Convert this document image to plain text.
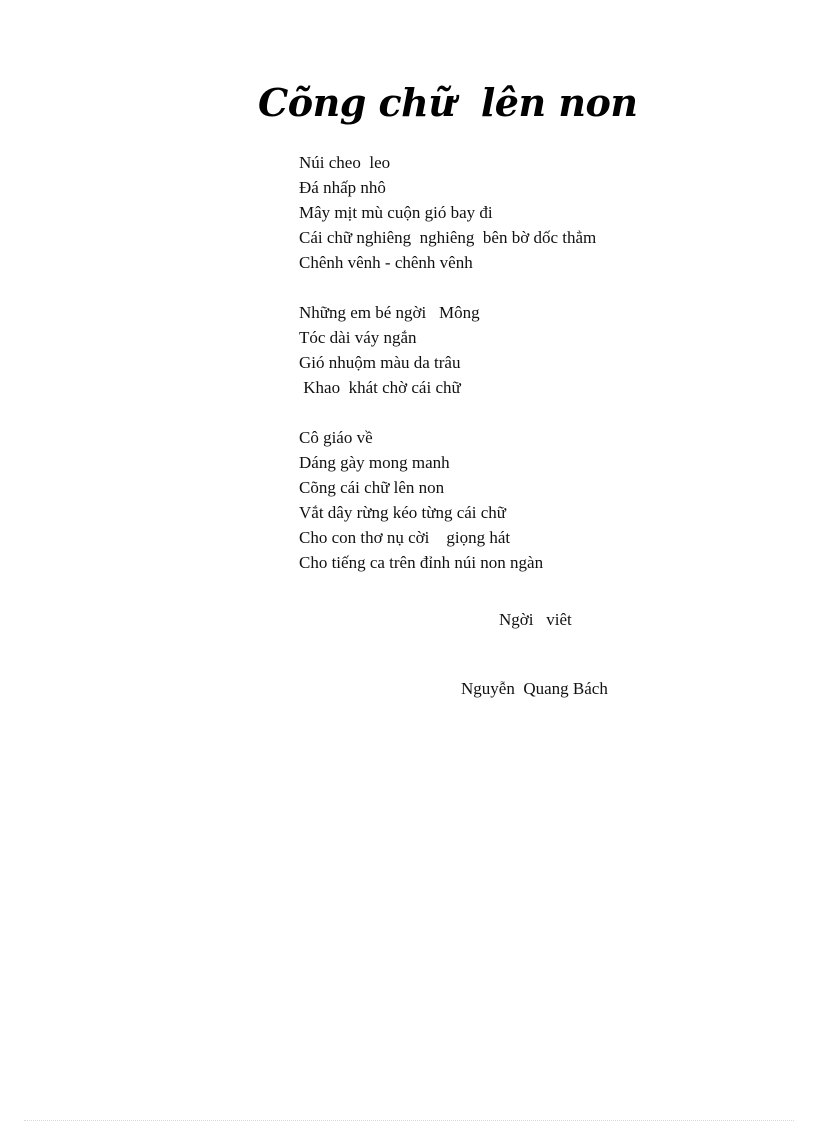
Cõng chữ  lên non
Núi cheo  leo
Đá nhấp nhô
Mây mịt mù cuộn gió bay đi
Cái chữ nghiêng  nghiêng  bên bờ dốc thẳm
Chênh vênh - chênh vênh
Những em bé ngời   Mông
Tóc dài váy ngắn
Gió nhuộm màu da trâu
Khao  khát chờ cái chữ
Cô giáo về
Dáng gày mong manh
Cõng cái chữ lên non
Vắt dây rừng kéo từng cái chữ
Cho con thơ nụ cời    giọng hát
Cho tiếng ca trên đỉnh núi non ngàn
Ngời   viêt
Nguyễn  Quang Bách
